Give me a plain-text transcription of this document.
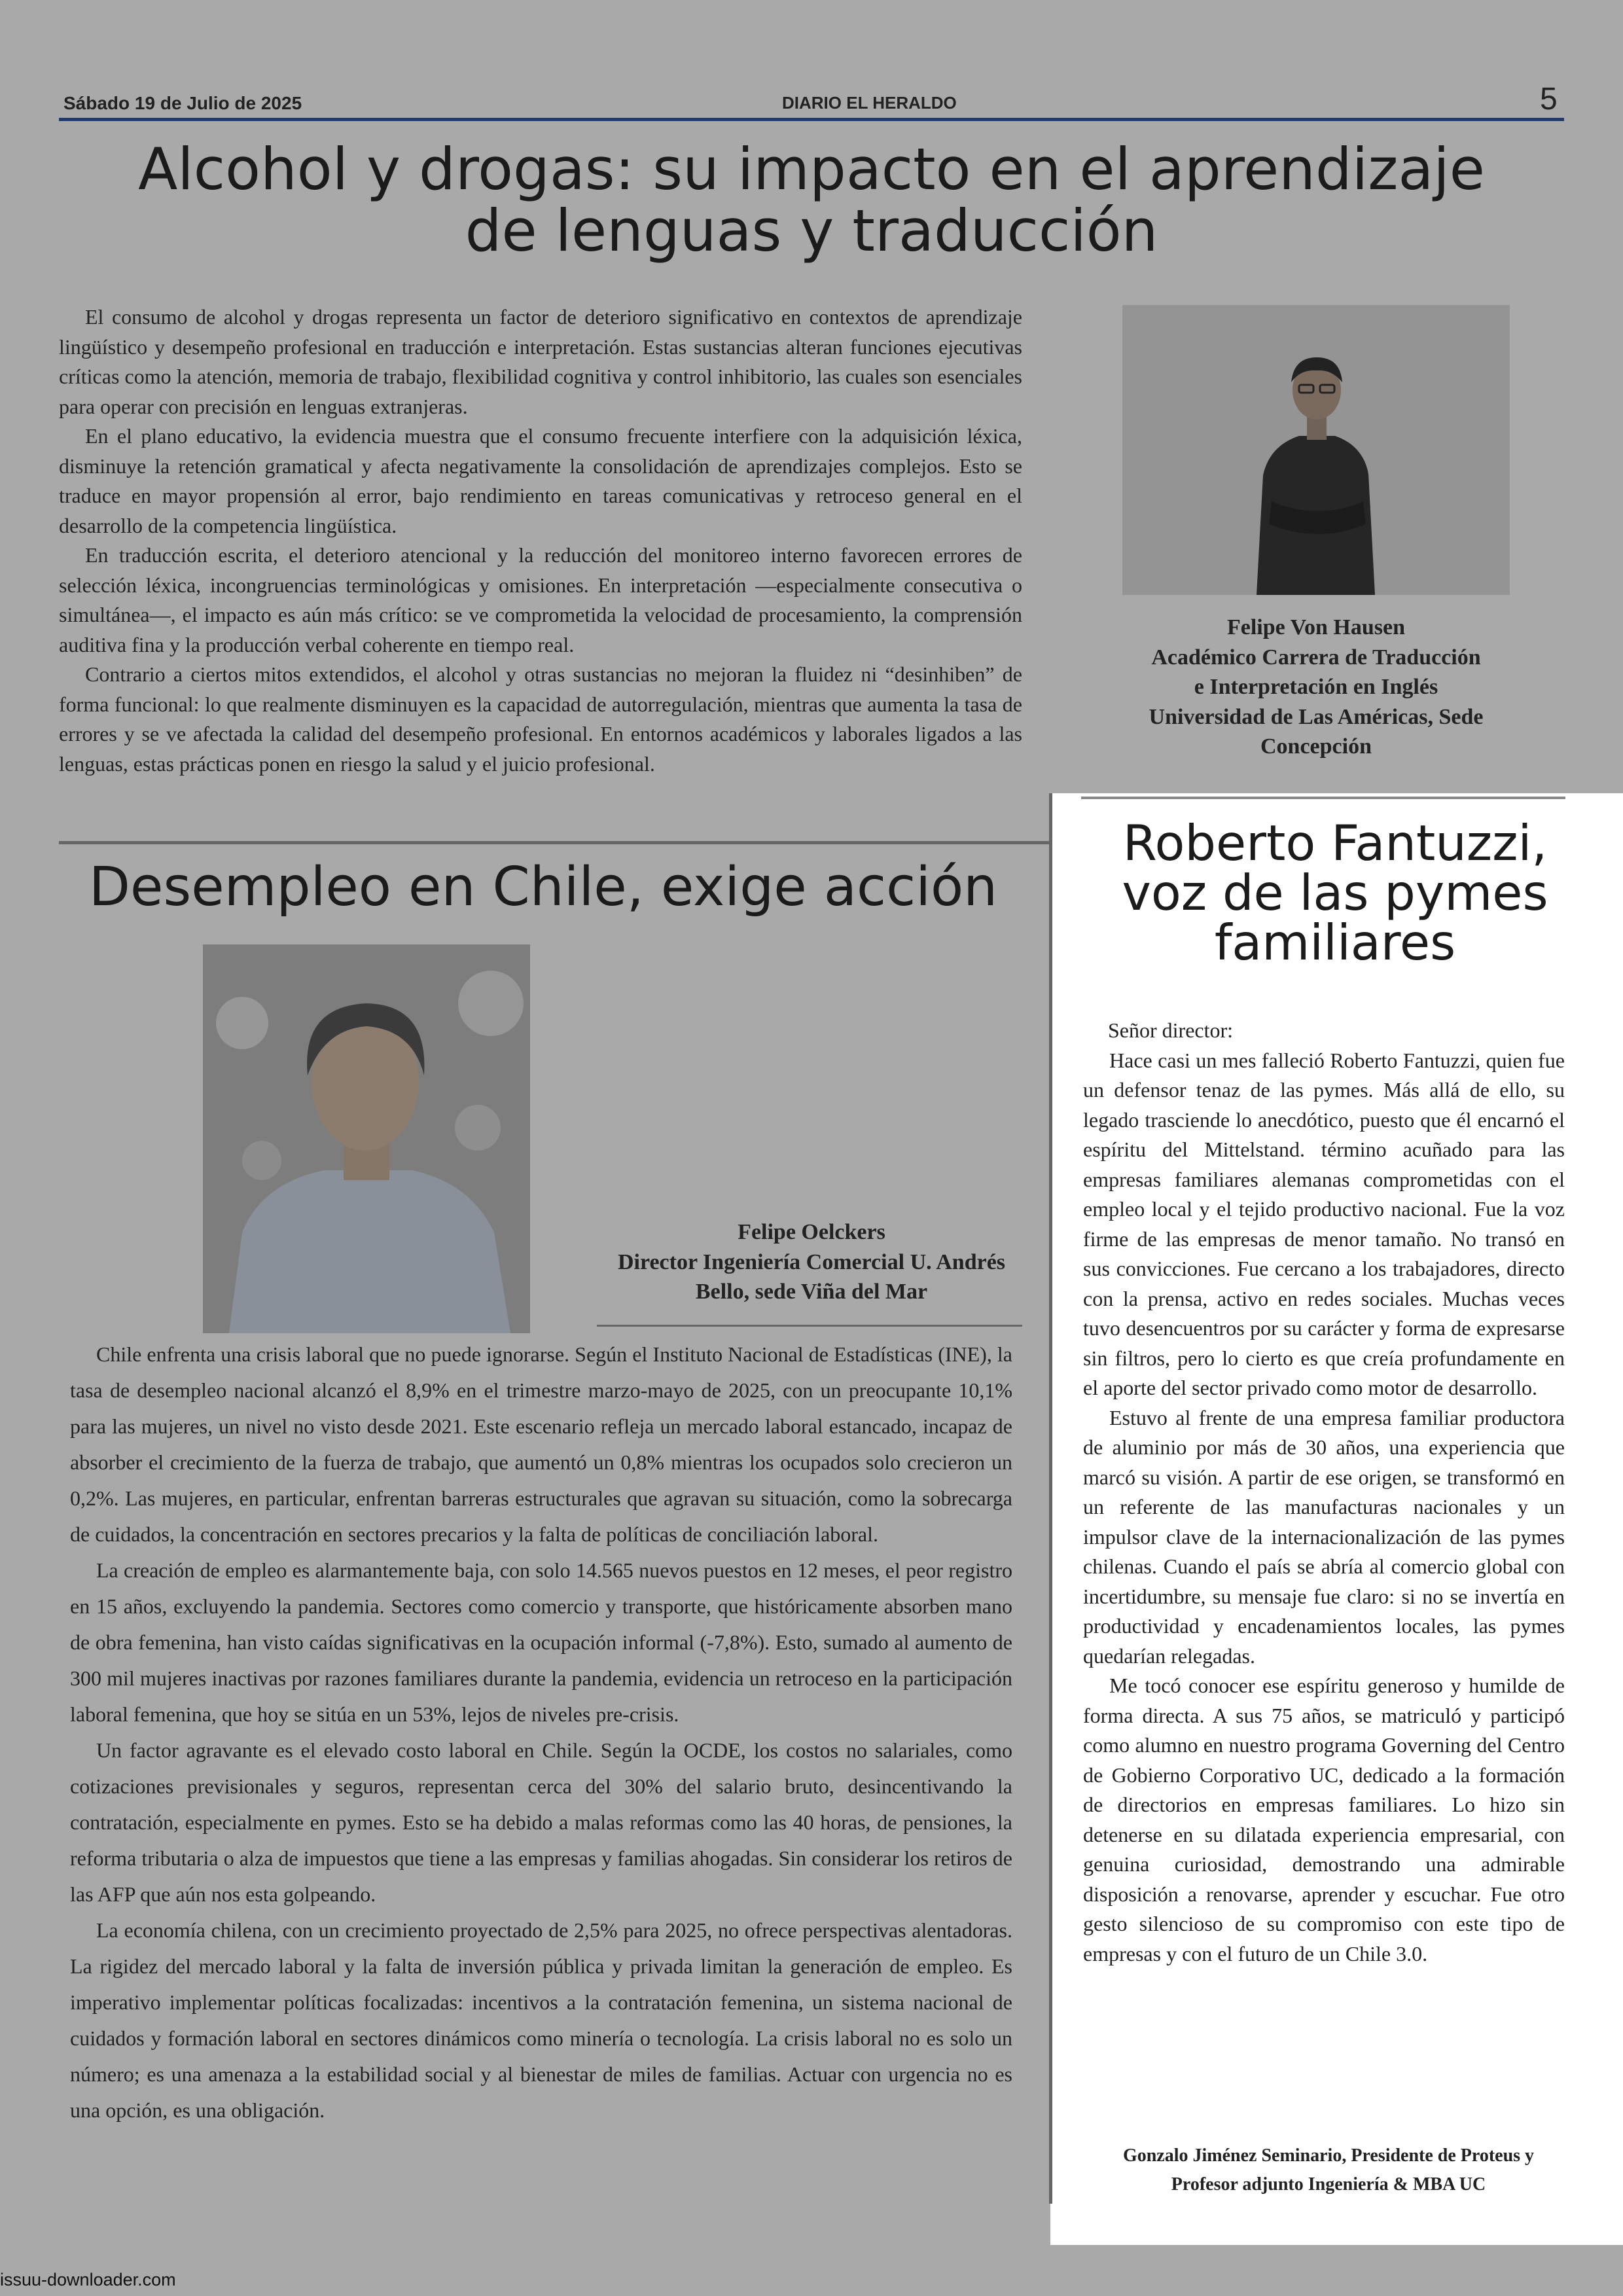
Sábado 19 de Julio de 2025	DIARIO EL HERALDO	5
Alcohol y drogas: su impacto en el aprendizaje
de lenguas y traducción

El consumo de alcohol y drogas representa un factor de deterioro significativo en contextos de aprendizaje lingüístico y desempeño profesional en traducción e interpretación. Estas sustancias alteran funciones ejecutivas críticas como la atención, memoria de trabajo, flexibilidad cognitiva y control inhibitorio, las cuales son esenciales para operar con precisión en lenguas extranjeras.

En el plano educativo, la evidencia muestra que el consumo frecuente interfiere con la adquisición léxica, disminuye la retención gramatical y afecta negativamente la consolidación de aprendizajes complejos. Esto se traduce en mayor propensión al error, bajo rendimiento en tareas comunicativas y retroceso general en el desarrollo de la competencia lingüística.

En traducción escrita, el deterioro atencional y la reducción del monitoreo interno favorecen errores de selección léxica, incongruencias terminológicas y omisiones. En interpretación —especialmente consecutiva o simultánea—, el impacto es aún más crítico: se ve comprometida la velocidad de procesamiento, la comprensión auditiva fina y la producción verbal coherente en tiempo real.

Contrario a ciertos mitos extendidos, el alcohol y otras sustancias no mejoran la fluidez ni “desinhiben” de forma funcional: lo que realmente disminuyen es la capacidad de autorregulación, mientras que aumenta la tasa de errores y se ve afectada la calidad del desempeño profesional. En entornos académicos y laborales ligados a las lenguas, estas prácticas ponen en riesgo la salud y el juicio profesional.

Felipe Von Hausen
Académico Carrera de Traducción
e Interpretación en Inglés
Universidad de Las Américas, Sede
Concepción
Roberto Fantuzzi,
voz de las pymes
familiares

Señor director:

Hace casi un mes falleció Roberto Fantuzzi, quien fue un defensor tenaz de las pymes. Más allá de ello, su legado trasciende lo anecdótico, puesto que él encarnó el espíritu del Mittelstand. término acuñado para las empresas familiares alemanas comprometidas con el empleo local y el tejido productivo nacional. Fue la voz firme de las empresas de menor tamaño. No transó en sus convicciones. Fue cercano a los trabajadores, directo con la prensa, activo en redes sociales. Muchas veces tuvo desencuentros por su carácter y forma de expresarse sin filtros, pero lo cierto es que creía profundamente en el aporte del sector privado como motor de desarrollo.

Estuvo al frente de una empresa familiar productora de aluminio por más de 30 años, una experiencia que marcó su visión. A partir de ese origen, se transformó en un referente de las manufacturas nacionales y un impulsor clave de la internacionalización de las pymes chilenas. Cuando el país se abría al comercio global con incertidumbre, su mensaje fue claro: si no se invertía en productividad y encadenamientos locales, las pymes quedarían relegadas.

Me tocó conocer ese espíritu generoso y humilde de forma directa. A sus 75 años, se matriculó y participó como alumno en nuestro programa Governing del Centro de Gobierno Corporativo UC, dedicado a la formación de directorios en empresas familiares. Lo hizo sin detenerse en su dilatada experiencia empresarial, con genuina curiosidad, demostrando una admirable disposición a renovarse, aprender y escuchar. Fue otro gesto silencioso de su compromiso con este tipo de empresas y con el futuro de un Chile 3.0.

Gonzalo Jiménez Seminario, Presidente de Proteus y
Profesor adjunto Ingeniería & MBA UC
Desempleo en Chile, exige acción
Felipe Oelckers
Director Ingeniería Comercial U. Andrés
Bello, sede Viña del Mar

Chile enfrenta una crisis laboral que no puede ignorarse. Según el Instituto Nacional de Estadísticas (INE), la tasa de desempleo nacional alcanzó el 8,9% en el trimestre marzo-mayo de 2025, con un preocupante 10,1% para las mujeres, un nivel no visto desde 2021. Este escenario refleja un mercado laboral estancado, incapaz de absorber el crecimiento de la fuerza de trabajo, que aumentó un 0,8% mientras los ocupados solo crecieron un 0,2%. Las mujeres, en particular, enfrentan barreras estructurales que agravan su situación, como la sobrecarga de cuidados, la concentración en sectores precarios y la falta de políticas de conciliación laboral.

La creación de empleo es alarmantemente baja, con solo 14.565 nuevos puestos en 12 meses, el peor registro en 15 años, excluyendo la pandemia. Sectores como comercio y transporte, que históricamente absorben mano de obra femenina, han visto caídas significativas en la ocupación informal (-7,8%). Esto, sumado al aumento de 300 mil mujeres inactivas por razones familiares durante la pandemia, evidencia un retroceso en la participación laboral femenina, que hoy se sitúa en un 53%, lejos de niveles pre-crisis.

Un factor agravante es el elevado costo laboral en Chile. Según la OCDE, los costos no salariales, como cotizaciones previsionales y seguros, representan cerca del 30% del salario bruto, desincentivando la contratación, especialmente en pymes. Esto se ha debido a malas reformas como las 40 horas, de pensiones, la reforma tributaria o alza de impuestos que tiene a las empresas y familias ahogadas. Sin considerar los retiros de las AFP que aún nos esta golpeando.

La economía chilena, con un crecimiento proyectado de 2,5% para 2025, no ofrece perspectivas alentadoras. La rigidez del mercado laboral y la falta de inversión pública y privada limitan la generación de empleo. Es imperativo implementar políticas focalizadas: incentivos a la contratación femenina, un sistema nacional de cuidados y formación laboral en sectores dinámicos como minería o tecnología. La crisis laboral no es solo un número; es una amenaza a la estabilidad social y al bienestar de miles de familias. Actuar con urgencia no es una opción, es una obligación.

issuu-downloader.com
